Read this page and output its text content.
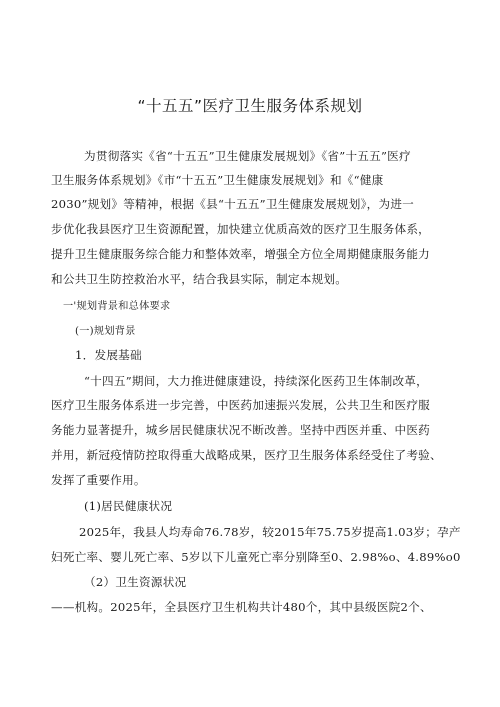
“十五五”医疗卫生服务体系规划
为贯彻落实《省“十五五”卫生健康发展规划》《省”十五五”医疗
卫生服务体系规划》《市“十五五”卫生健康发展规划》和《“健康
2030”规划》等精神，根据《县“十五五”卫生健康发展规划》，为进一
步优化我县医疗卫生资源配置，加快建立优质高效的医疗卫生服务体系，
提升卫生健康服务综合能力和整体效率，增强全方位全周期健康服务能力
和公共卫生防控救治水平，结合我县实际，制定本规划。
一'规划背景和总体要求
(一)规划背景
1．发展基础
“十四五”期间，大力推进健康建设，持续深化医药卫生体制改革，
医疗卫生服务体系进一步完善，中医药加速振兴发展，公共卫生和医疗服
务能力显著提升，城乡居民健康状况不断改善。坚持中西医并重、中医药
并用，新冠疫情防控取得重大战略成果，医疗卫生服务体系经受住了考验、
发挥了重要作用。
(1)居民健康状况
2025年，我县人均寿命76.78岁，较2015年75.75岁提高1.03岁；孕产
妇死亡率、婴儿死亡率、5岁以下儿童死亡率分别降至0、2.98%o、4.89%o0
（2）卫生资源状况
——机构。2025年，全县医疗卫生机构共计480个，其中县级医院2个、
